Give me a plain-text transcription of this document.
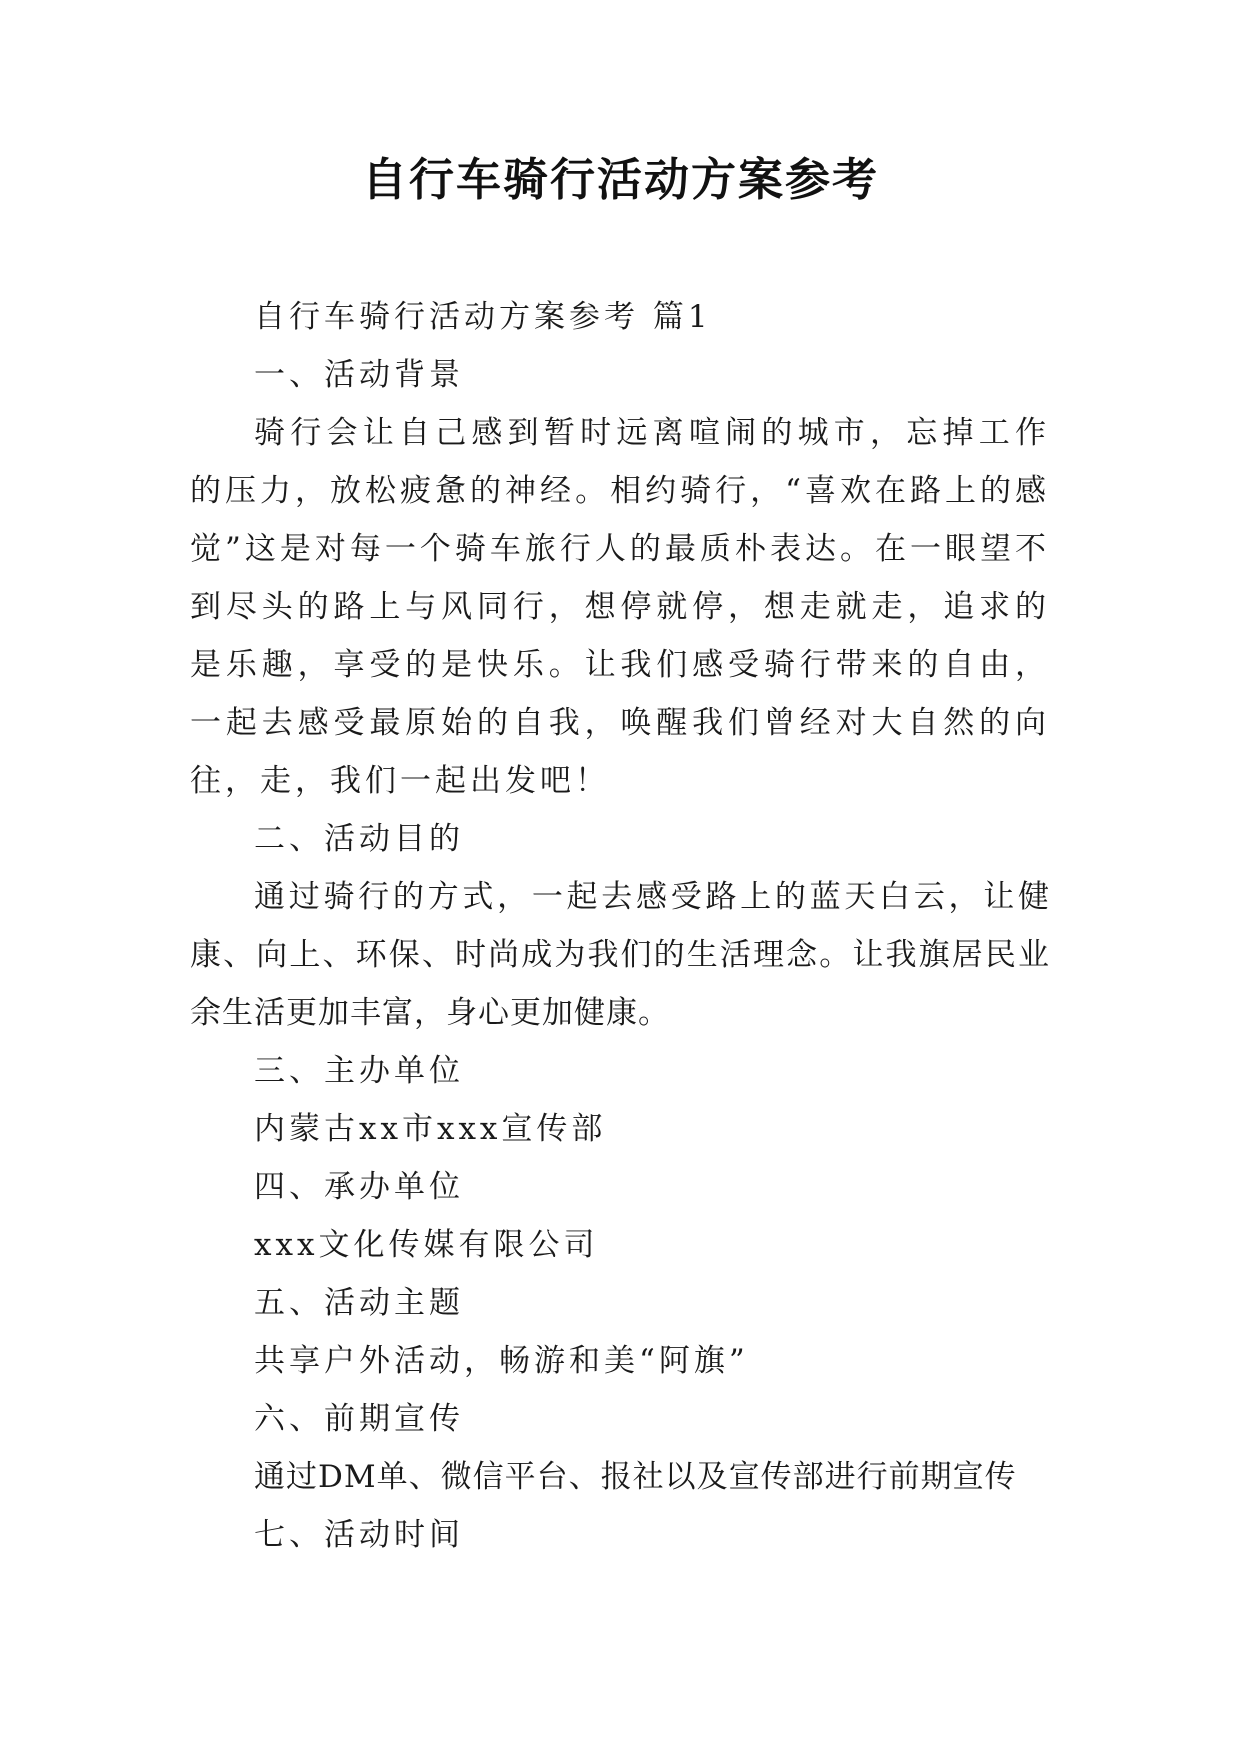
自行车骑行活动方案参考

自行车骑行活动方案参考 篇1

一、活动背景

骑行会让自己感到暂时远离喧闹的城市，忘掉工作的压力，放松疲惫的神经。相约骑行，“喜欢在路上的感觉”这是对每一个骑车旅行人的最质朴表达。在一眼望不到尽头的路上与风同行，想停就停，想走就走，追求的是乐趣，享受的是快乐。让我们感受骑行带来的自由，一起去感受最原始的自我，唤醒我们曾经对大自然的向往，走，我们一起出发吧！

二、活动目的

通过骑行的方式，一起去感受路上的蓝天白云，让健康、向上、环保、时尚成为我们的生活理念。让我旗居民业余生活更加丰富，身心更加健康。

三、主办单位

内蒙古xx市xxx宣传部

四、承办单位

xxx文化传媒有限公司

五、活动主题

共享户外活动，畅游和美“阿旗”

六、前期宣传

通过DM单、微信平台、报社以及宣传部进行前期宣传

七、活动时间
